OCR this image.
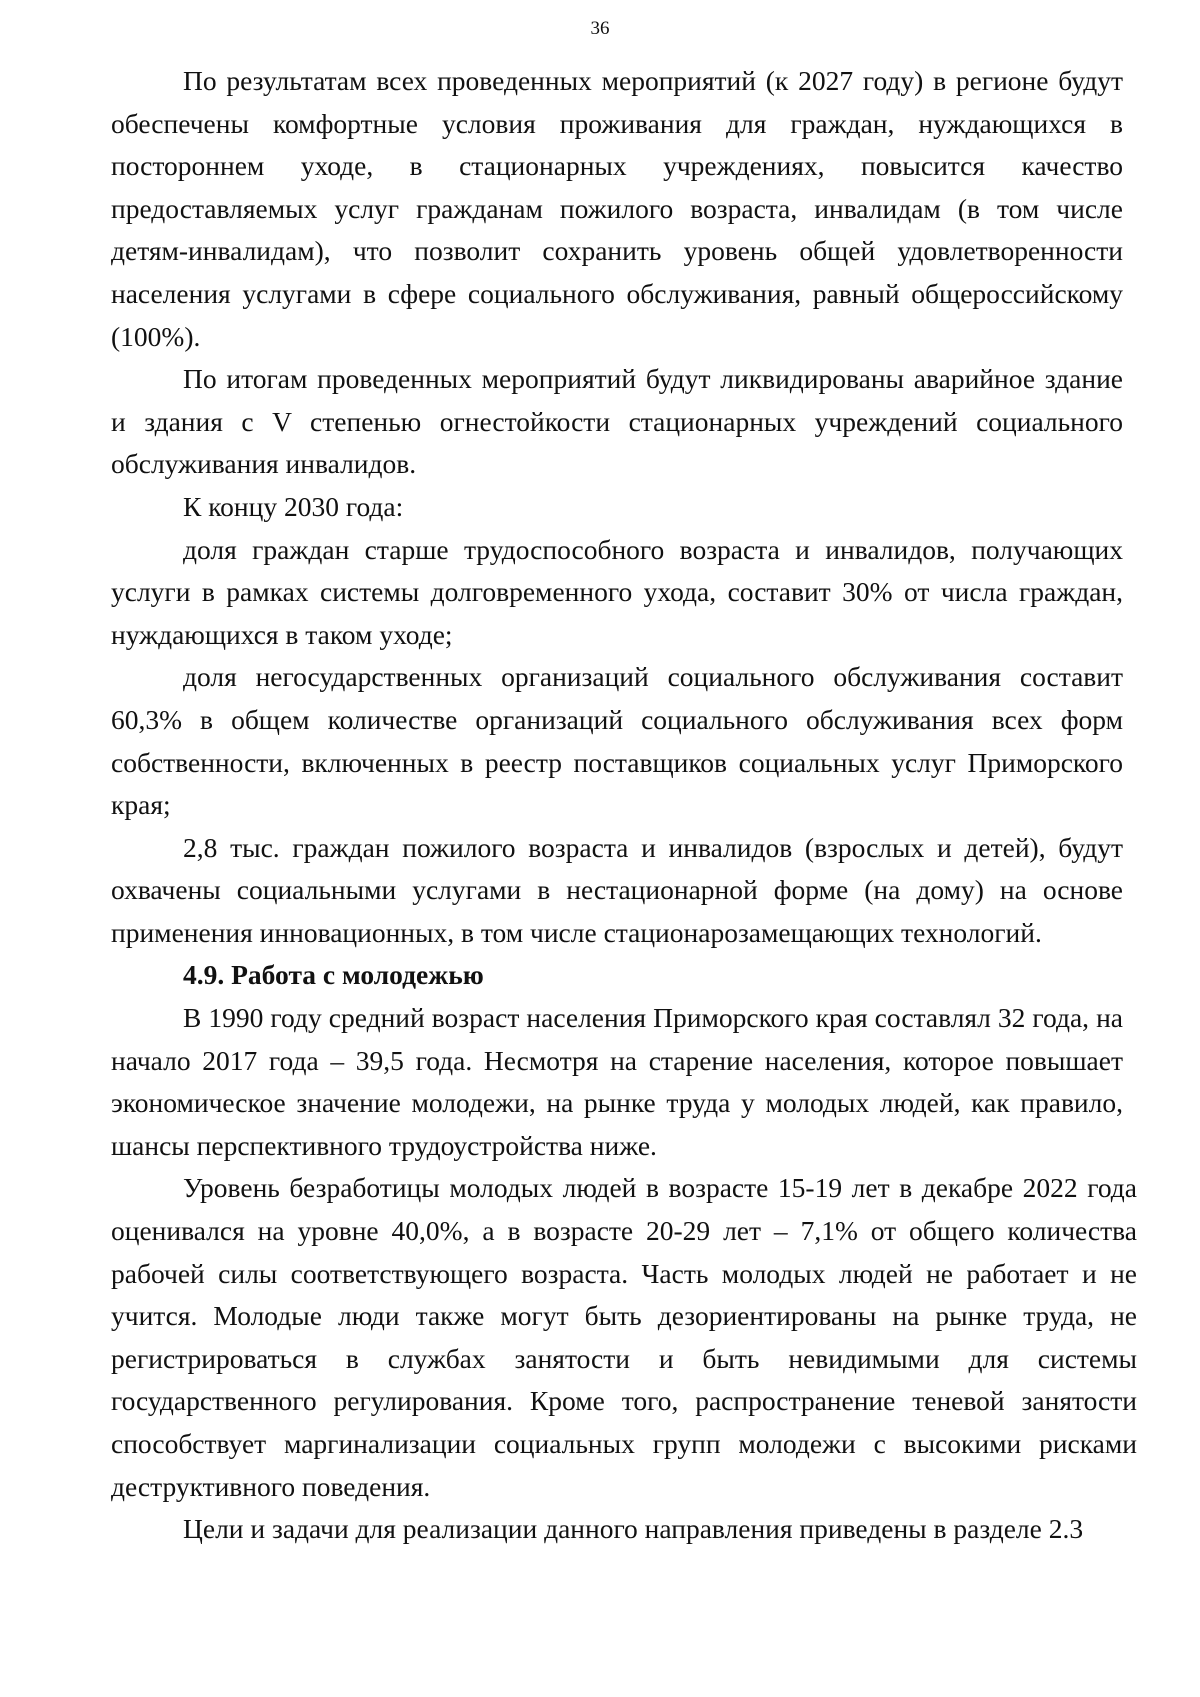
36

По результатам всех проведенных мероприятий (к 2027 году) в регионе будут обеспечены комфортные условия проживания для граждан, нуждающихся в постороннем уходе, в стационарных учреждениях, повысится качество предоставляемых услуг гражданам пожилого возраста, инвалидам (в том числе детям-инвалидам), что позволит сохранить уровень общей удовлетворенности населения услугами в сфере социального обслуживания, равный общероссийскому (100%).

По итогам проведенных мероприятий будут ликвидированы аварийное здание и здания с V степенью огнестойкости стационарных учреждений социального обслуживания инвалидов.

К концу 2030 года:

доля граждан старше трудоспособного возраста и инвалидов, получающих услуги в рамках системы долговременного ухода, составит 30% от числа граждан, нуждающихся в таком уходе;

доля негосударственных организаций социального обслуживания составит 60,3% в общем количестве организаций социального обслуживания всех форм собственности, включенных в реестр поставщиков социальных услуг Приморского края;

2,8 тыс. граждан пожилого возраста и инвалидов (взрослых и детей), будут охвачены социальными услугами в нестационарной форме (на дому) на основе применения инновационных, в том числе стационарозамещающих технологий.

4.9. Работа с молодежью

В 1990 году средний возраст населения Приморского края составлял 32 года, на начало 2017 года – 39,5 года. Несмотря на старение населения, которое повышает экономическое значение молодежи, на рынке труда у молодых людей, как правило, шансы перспективного трудоустройства ниже.

Уровень безработицы молодых людей в возрасте 15-19 лет в декабре 2022 года оценивался на уровне 40,0%, а в возрасте 20-29 лет – 7,1% от общего количества рабочей силы соответствующего возраста. Часть молодых людей не работает и не учится. Молодые люди также могут быть дезориентированы на рынке труда, не регистрироваться в службах занятости и быть невидимыми для системы государственного регулирования. Кроме того, распространение теневой занятости способствует маргинализации социальных групп молодежи с высокими рисками деструктивного поведения.

Цели и задачи для реализации данного направления приведены в разделе 2.3
